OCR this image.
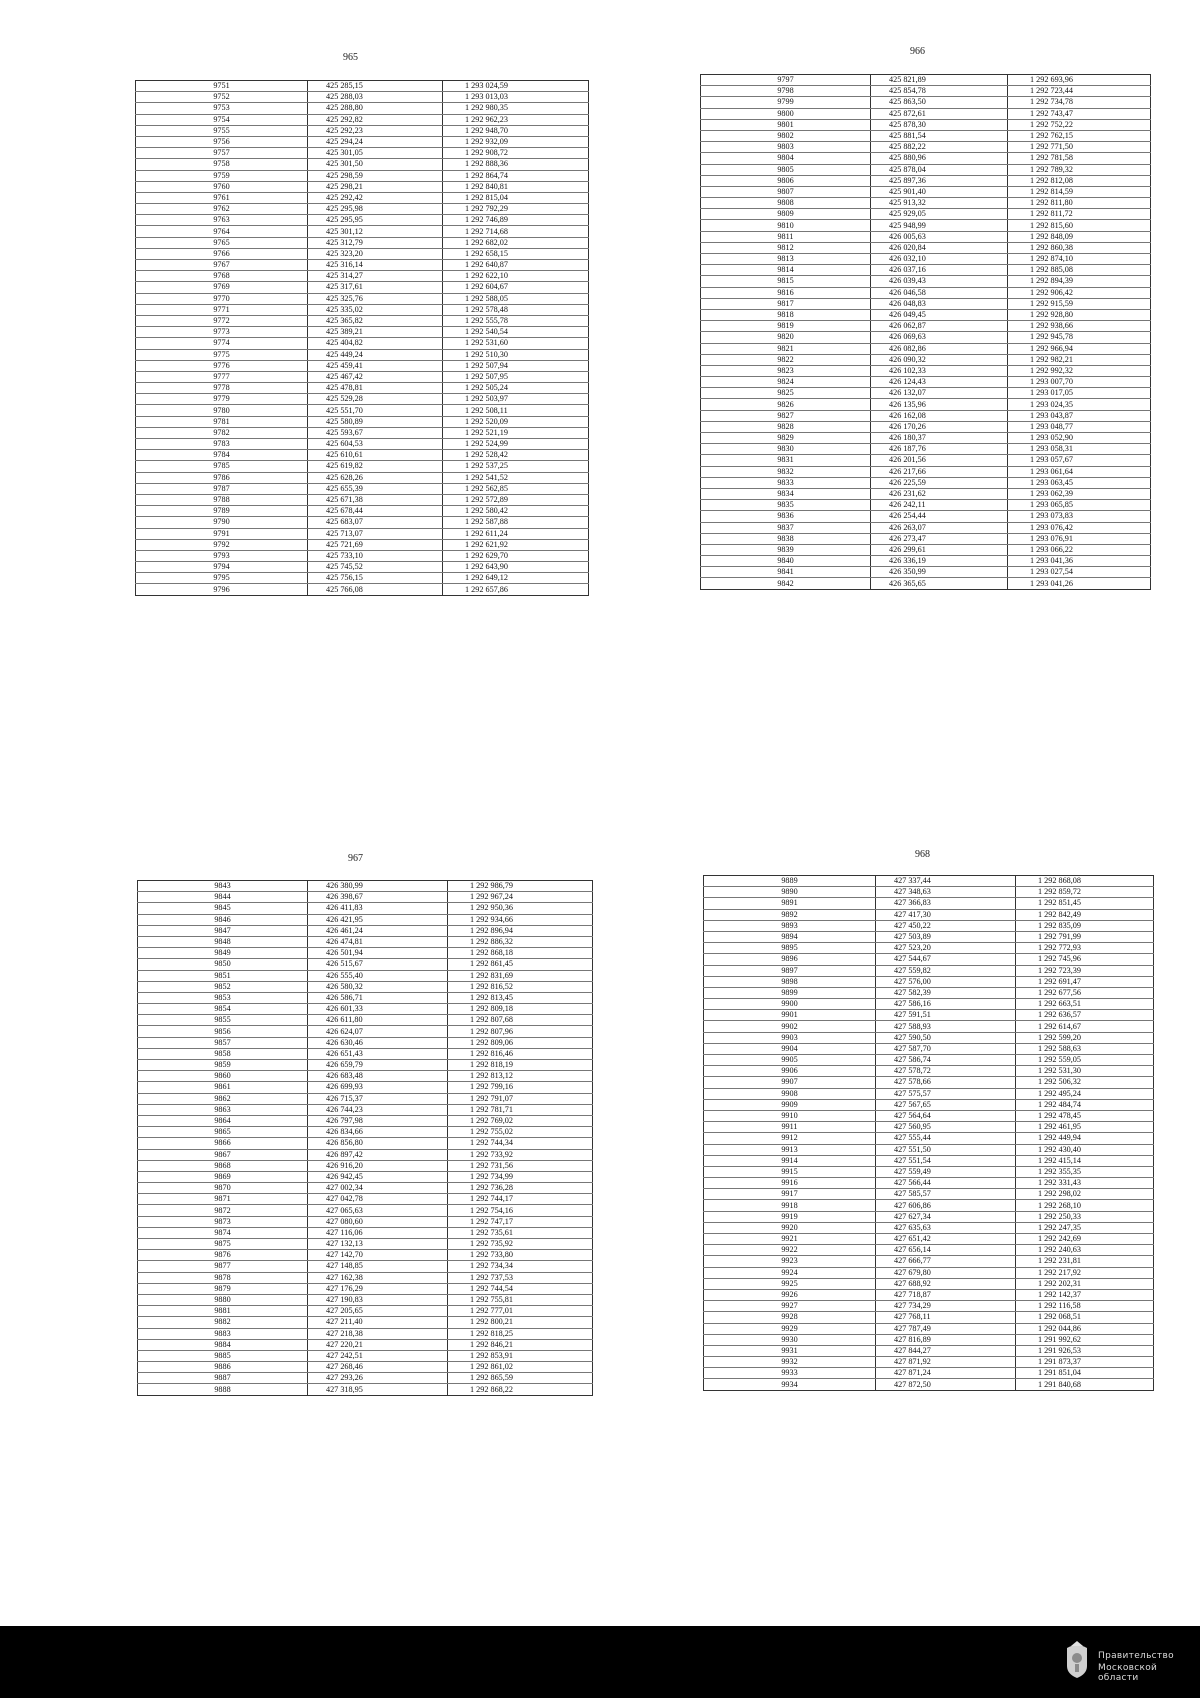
965
9751	425 285,15	1 293 024,59
9752	425 288,03	1 293 013,03
9753	425 288,80	1 292 980,35
9754	425 292,82	1 292 962,23
9755	425 292,23	1 292 948,70
9756	425 294,24	1 292 932,09
9757	425 301,05	1 292 908,72
9758	425 301,50	1 292 888,36
9759	425 298,59	1 292 864,74
9760	425 298,21	1 292 840,81
9761	425 292,42	1 292 815,04
9762	425 295,98	1 292 792,29
9763	425 295,95	1 292 746,89
9764	425 301,12	1 292 714,68
9765	425 312,79	1 292 682,02
9766	425 323,20	1 292 658,15
9767	425 316,14	1 292 640,87
9768	425 314,27	1 292 622,10
9769	425 317,61	1 292 604,67
9770	425 325,76	1 292 588,05
9771	425 335,02	1 292 578,48
9772	425 365,82	1 292 555,78
9773	425 389,21	1 292 540,54
9774	425 404,82	1 292 531,60
9775	425 449,24	1 292 510,30
9776	425 459,41	1 292 507,94
9777	425 467,42	1 292 507,95
9778	425 478,81	1 292 505,24
9779	425 529,28	1 292 503,97
9780	425 551,70	1 292 508,11
9781	425 580,89	1 292 520,09
9782	425 593,67	1 292 521,19
9783	425 604,53	1 292 524,99
9784	425 610,61	1 292 528,42
9785	425 619,82	1 292 537,25
9786	425 628,26	1 292 541,52
9787	425 655,39	1 292 562,85
9788	425 671,38	1 292 572,89
9789	425 678,44	1 292 580,42
9790	425 683,07	1 292 587,88
9791	425 713,07	1 292 611,24
9792	425 721,69	1 292 621,92
9793	425 733,10	1 292 629,70
9794	425 745,52	1 292 643,90
9795	425 756,15	1 292 649,12
9796	425 766,08	1 292 657,86
966
9797	425 821,89	1 292 693,96
9798	425 854,78	1 292 723,44
9799	425 863,50	1 292 734,78
9800	425 872,61	1 292 743,47
9801	425 878,30	1 292 752,22
9802	425 881,54	1 292 762,15
9803	425 882,22	1 292 771,50
9804	425 880,96	1 292 781,58
9805	425 878,04	1 292 789,32
9806	425 897,36	1 292 812,08
9807	425 901,40	1 292 814,59
9808	425 913,32	1 292 811,80
9809	425 929,05	1 292 811,72
9810	425 948,99	1 292 815,60
9811	426 005,63	1 292 848,09
9812	426 020,84	1 292 860,38
9813	426 032,10	1 292 874,10
9814	426 037,16	1 292 885,08
9815	426 039,43	1 292 894,39
9816	426 046,58	1 292 906,42
9817	426 048,83	1 292 915,59
9818	426 049,45	1 292 928,80
9819	426 062,87	1 292 938,66
9820	426 069,63	1 292 945,78
9821	426 082,86	1 292 966,94
9822	426 090,32	1 292 982,21
9823	426 102,33	1 292 992,32
9824	426 124,43	1 293 007,70
9825	426 132,07	1 293 017,05
9826	426 135,96	1 293 024,35
9827	426 162,08	1 293 043,87
9828	426 170,26	1 293 048,77
9829	426 180,37	1 293 052,90
9830	426 187,76	1 293 058,31
9831	426 201,56	1 293 057,67
9832	426 217,66	1 293 061,64
9833	426 225,59	1 293 063,45
9834	426 231,62	1 293 062,39
9835	426 242,11	1 293 065,85
9836	426 254,44	1 293 073,83
9837	426 263,07	1 293 076,42
9838	426 273,47	1 293 076,91
9839	426 299,61	1 293 066,22
9840	426 336,19	1 293 041,36
9841	426 350,99	1 293 027,54
9842	426 365,65	1 293 041,26
967
9843	426 380,99	1 292 986,79
9844	426 398,67	1 292 967,24
9845	426 411,83	1 292 950,36
9846	426 421,95	1 292 934,66
9847	426 461,24	1 292 896,94
9848	426 474,81	1 292 886,32
9849	426 501,94	1 292 868,18
9850	426 515,67	1 292 861,45
9851	426 555,40	1 292 831,69
9852	426 580,32	1 292 816,52
9853	426 586,71	1 292 813,45
9854	426 601,33	1 292 809,18
9855	426 611,80	1 292 807,68
9856	426 624,07	1 292 807,96
9857	426 630,46	1 292 809,06
9858	426 651,43	1 292 816,46
9859	426 659,79	1 292 818,19
9860	426 683,48	1 292 813,12
9861	426 699,93	1 292 799,16
9862	426 715,37	1 292 791,07
9863	426 744,23	1 292 781,71
9864	426 797,98	1 292 769,02
9865	426 834,66	1 292 755,02
9866	426 856,80	1 292 744,34
9867	426 897,42	1 292 733,92
9868	426 916,20	1 292 731,56
9869	426 942,45	1 292 734,99
9870	427 002,34	1 292 736,28
9871	427 042,78	1 292 744,17
9872	427 065,63	1 292 754,16
9873	427 080,60	1 292 747,17
9874	427 116,06	1 292 735,61
9875	427 132,13	1 292 735,92
9876	427 142,70	1 292 733,80
9877	427 148,85	1 292 734,34
9878	427 162,38	1 292 737,53
9879	427 176,29	1 292 744,54
9880	427 190,83	1 292 755,81
9881	427 205,65	1 292 777,01
9882	427 211,40	1 292 800,21
9883	427 218,38	1 292 818,25
9884	427 220,21	1 292 846,21
9885	427 242,51	1 292 853,91
9886	427 268,46	1 292 861,02
9887	427 293,26	1 292 865,59
9888	427 318,95	1 292 868,22
968
9889	427 337,44	1 292 868,08
9890	427 348,63	1 292 859,72
9891	427 366,83	1 292 851,45
9892	427 417,30	1 292 842,49
9893	427 450,22	1 292 835,09
9894	427 503,89	1 292 791,99
9895	427 523,20	1 292 772,93
9896	427 544,67	1 292 745,96
9897	427 559,82	1 292 723,39
9898	427 576,00	1 292 691,47
9899	427 582,39	1 292 677,56
9900	427 586,16	1 292 663,51
9901	427 591,51	1 292 636,57
9902	427 588,93	1 292 614,67
9903	427 590,50	1 292 599,20
9904	427 587,70	1 292 588,63
9905	427 586,74	1 292 559,05
9906	427 578,72	1 292 531,30
9907	427 578,66	1 292 506,32
9908	427 575,57	1 292 495,24
9909	427 567,65	1 292 484,74
9910	427 564,64	1 292 478,45
9911	427 560,95	1 292 461,95
9912	427 555,44	1 292 449,94
9913	427 551,50	1 292 430,40
9914	427 551,54	1 292 415,14
9915	427 559,49	1 292 355,35
9916	427 566,44	1 292 331,43
9917	427 585,57	1 292 298,02
9918	427 606,86	1 292 268,10
9919	427 627,34	1 292 250,33
9920	427 635,63	1 292 247,35
9921	427 651,42	1 292 242,69
9922	427 656,14	1 292 240,63
9923	427 666,77	1 292 231,81
9924	427 679,80	1 292 217,92
9925	427 688,92	1 292 202,31
9926	427 718,87	1 292 142,37
9927	427 734,29	1 292 116,58
9928	427 768,11	1 292 068,51
9929	427 787,49	1 292 044,86
9930	427 816,89	1 291 992,62
9931	427 844,27	1 291 926,53
9932	427 871,92	1 291 873,37
9933	427 871,24	1 291 851,04
9934	427 872,50	1 291 840,68
Правительство
Московской области
